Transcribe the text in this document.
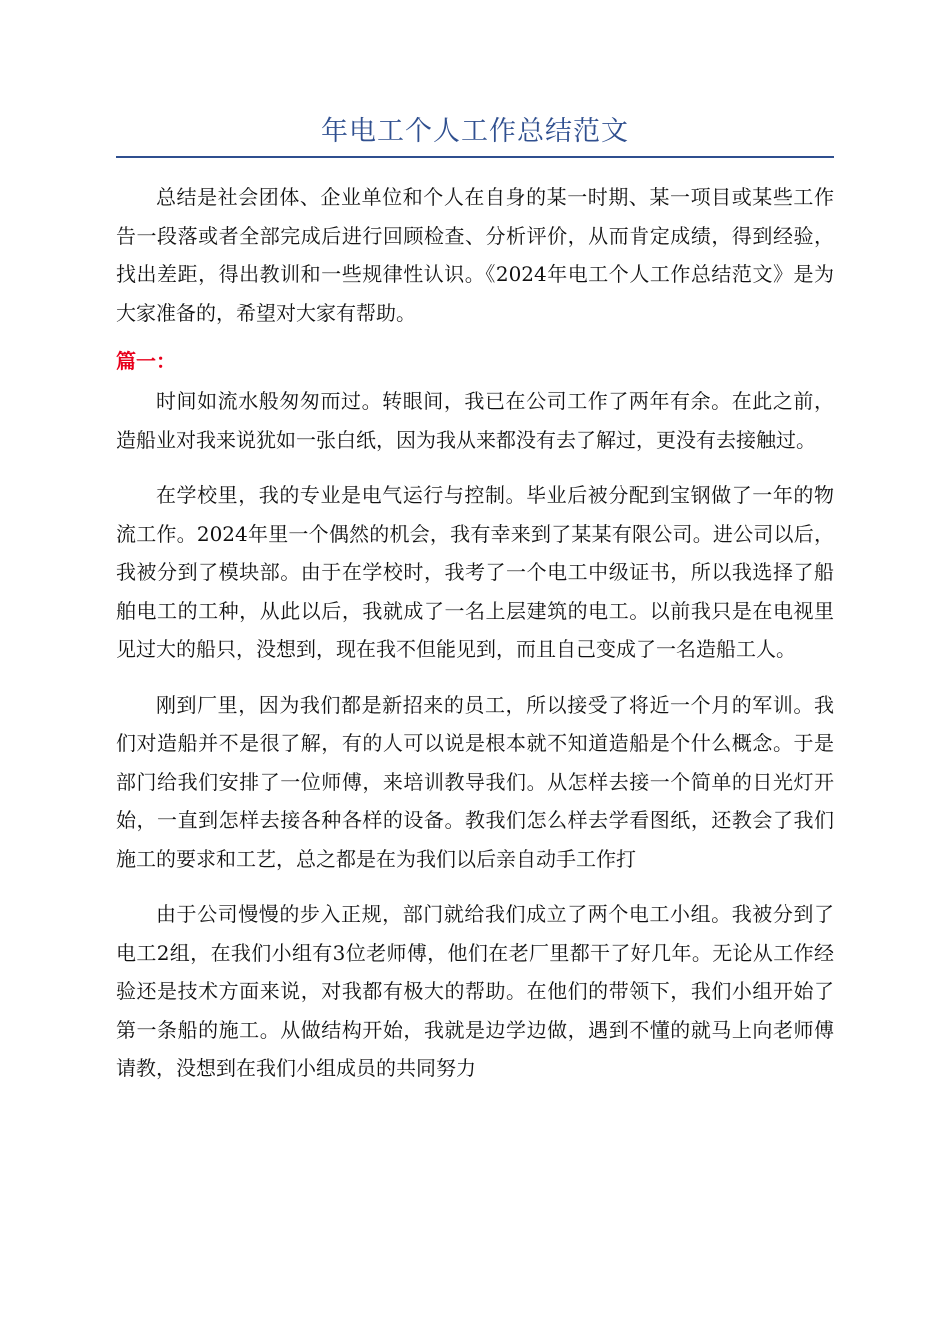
年电工个人工作总结范文

总结是社会团体、企业单位和个人在自身的某一时期、某一项目或某些工作告一段落或者全部完成后进行回顾检查、分析评价，从而肯定成绩，得到经验，找出差距，得出教训和一些规律性认识。《2024年电工个人工作总结范文》是为大家准备的，希望对大家有帮助。

篇一：

时间如流水般匆匆而过。转眼间，我已在公司工作了两年有余。在此之前，造船业对我来说犹如一张白纸，因为我从来都没有去了解过，更没有去接触过。

在学校里，我的专业是电气运行与控制。毕业后被分配到宝钢做了一年的物流工作。2024年里一个偶然的机会，我有幸来到了某某有限公司。进公司以后，我被分到了模块部。由于在学校时，我考了一个电工中级证书，所以我选择了船舶电工的工种，从此以后，我就成了一名上层建筑的电工。以前我只是在电视里见过大的船只，没想到，现在我不但能见到，而且自己变成了一名造船工人。

刚到厂里，因为我们都是新招来的员工，所以接受了将近一个月的军训。我们对造船并不是很了解，有的人可以说是根本就不知道造船是个什么概念。于是部门给我们安排了一位师傅，来培训教导我们。从怎样去接一个简单的日光灯开始，一直到怎样去接各种各样的设备。教我们怎么样去学看图纸，还教会了我们施工的要求和工艺，总之都是在为我们以后亲自动手工作打

由于公司慢慢的步入正规，部门就给我们成立了两个电工小组。我被分到了电工2组，在我们小组有3位老师傅，他们在老厂里都干了好几年。无论从工作经验还是技术方面来说，对我都有极大的帮助。在他们的带领下，我们小组开始了第一条船的施工。从做结构开始，我就是边学边做，遇到不懂的就马上向老师傅请教，没想到在我们小组成员的共同努力
